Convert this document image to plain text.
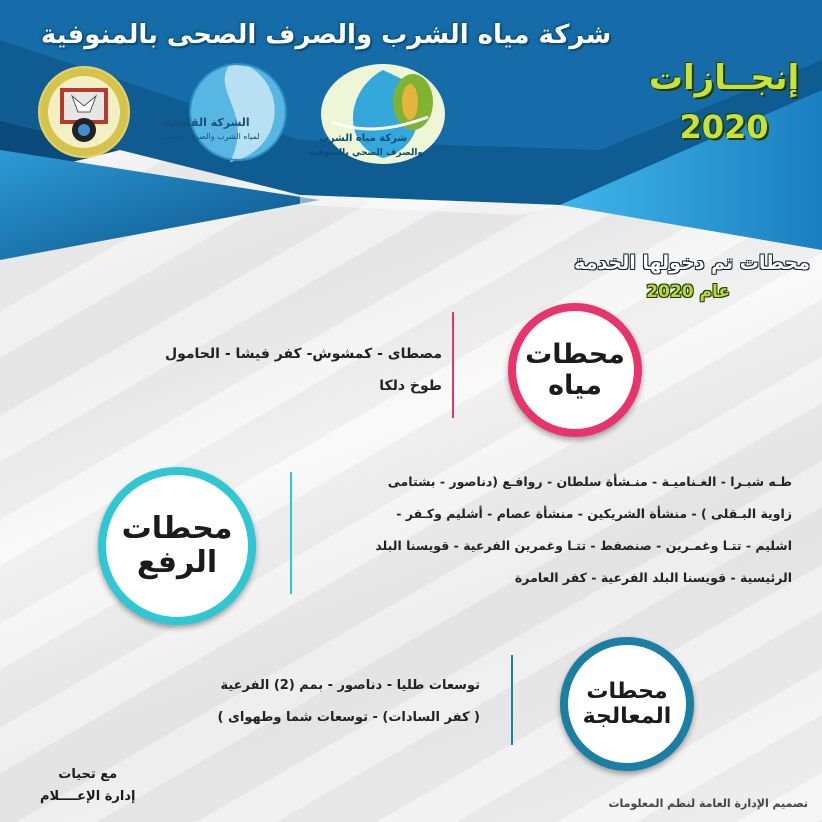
شركة مياه الشرب والصرف الصحى بالمنوفية
إنجــازات
2020
شركة مياه الشرب
والصرف الصحي بالمنوفية
الشركة القابضة
لمياه الشرب والصرف الصحي
محطات تم دخولها الخدمة
عام 2020
محطات
مياه
مصطاى - كمشوش- كفر فيشا - الحامول
طوخ دلكا
محطات
الرفع
طـه شبـرا - الغـناميـة - منـشأة سلطان - روافـع (دناصور - بشتامى
زاوية البـقلى ) - منشأة الشريكين - منشأة عصام - أشليم وكـفر -
اشليم - تتـا وغمـرين - صنصفط - تتـا وغمرين الفرعية - قويسنا البلد
الرئيسية - قويسنا البلد الفرعية - كفر العامرة
محطات
المعالجة
توسعات طليا - دناصور - بمم (2) الفرعية
( كفر السادات) - توسعات شما وطهواى )
مع تحيات
إدارة الإعــــلام	تصميم الإدارة العامة لنظم المعلومات
